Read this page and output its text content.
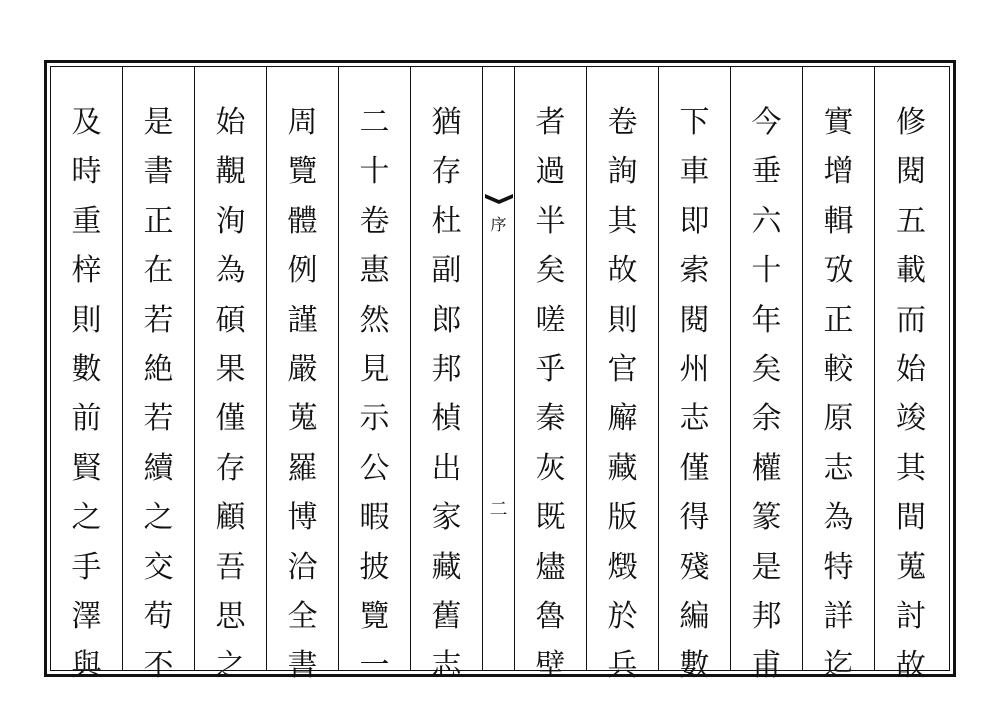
及
時
重
梓
則
數
前
賢
之
手
澤
與
是
書
正
在
若
絶
若
續
之
交
苟
不
始
覯
洵
為
碩
果
僅
存
顧
吾
思
之
周
覽
體
例
謹
嚴
蒐
羅
博
洽
全
書
二
十
卷
惠
然
見
示
公
暇
披
覽
一
猶
存
杜
副
郎
邦
楨
出
家
藏
舊
志
序
二
者
過
半
矣
嗟
乎
秦
灰
既
燼
魯
壁
卷
詢
其
故
則
官
廨
藏
版
燬
於
兵
下
車
即
索
閱
州
志
僅
得
殘
編
數
今
垂
六
十
年
矣
余
權
篆
是
邦
甫
實
增
輯
攷
正
較
原
志
為
特
詳
迄
修
閱
五
載
而
始
竣
其
間
蒐
討
故
